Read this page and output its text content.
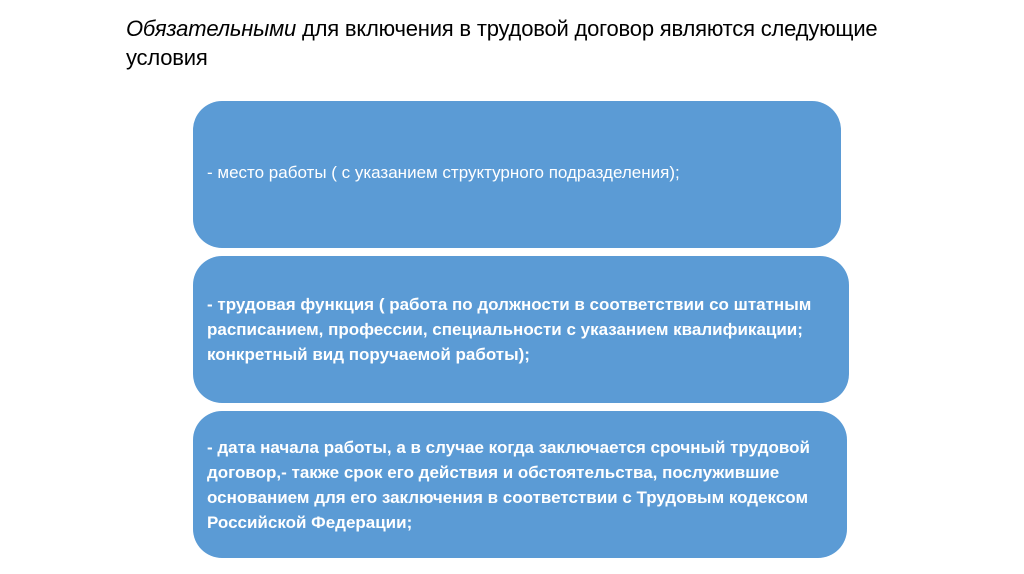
Обязательными для включения в трудовой договор являются следующие условия
- место работы ( с указанием структурного подразделения);
- трудовая функция ( работа по должности в соответствии со штатным расписанием, профессии, специальности с указанием квалификации; конкретный вид поручаемой работы);
- дата начала работы, а в случае когда заключается срочный трудовой договор,- также срок его действия и обстоятельства, послужившие основанием для его заключения в соответствии с Трудовым кодексом Российской Федерации;
